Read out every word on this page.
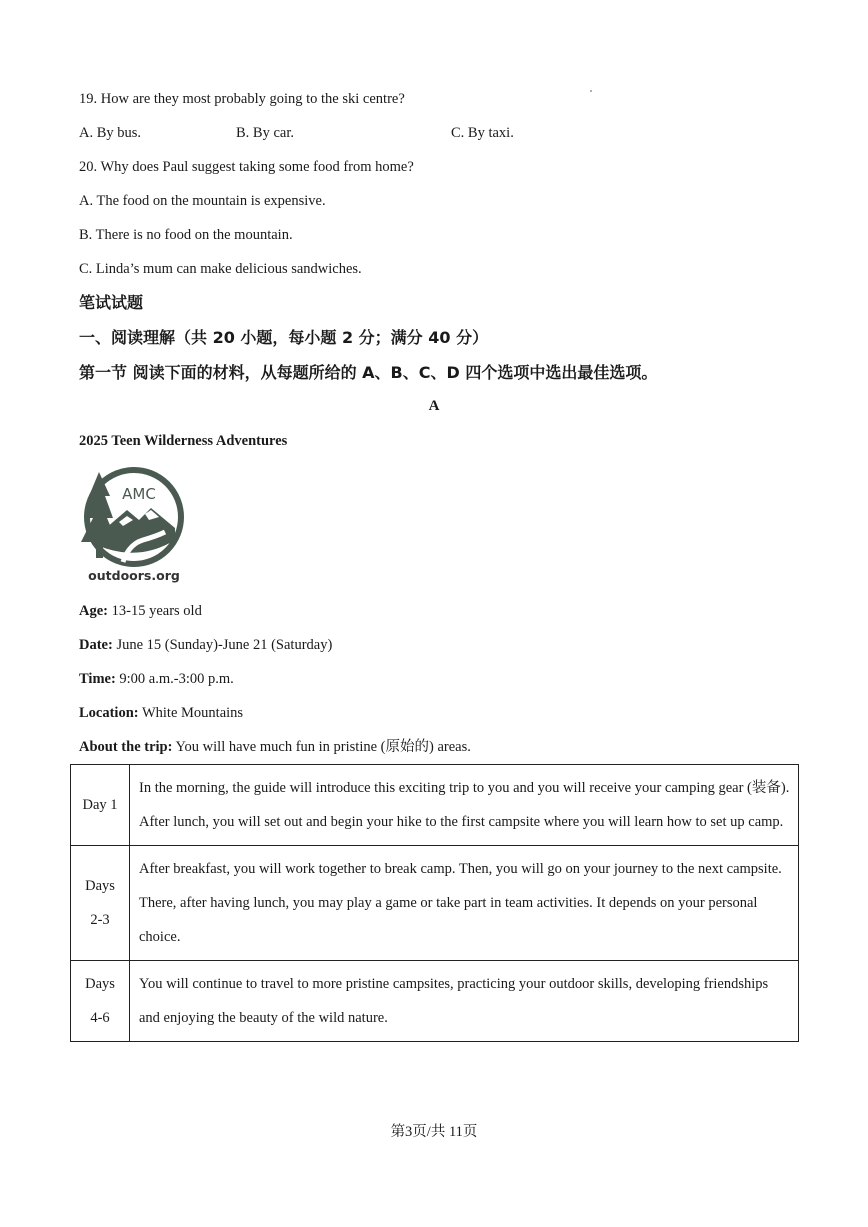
19. How are they most probably going to the ski centre?
A. By bus.	B. By car.	C. By taxi.
20. Why does Paul suggest taking some food from home?
A. The food on the mountain is expensive.
B. There is no food on the mountain.
C. Linda’s mum can make delicious sandwiches.
笔试试题
一、阅读理解（共 20 小题，每小题 2 分；满分 40 分）
第一节 阅读下面的材料，从每题所给的 A、B、C、D 四个选项中选出最佳选项。
A
2025 Teen Wilderness Adventures
AMC
outdoors.org
Age: 13-15 years old
Date: June 15 (Sunday)-June 21 (Saturday)
Time: 9:00 a.m.-3:00 p.m.
Location: White Mountains
About the trip: You will have much fun in pristine (原始的) areas.
Day 1	In the morning, the guide will introduce this exciting trip to you and you will receive your camping gear (装备). After lunch, you will set out and begin your hike to the first campsite where you will learn how to set up camp.
Days
2-3	After breakfast, you will work together to break camp. Then, you will go on your journey to the next campsite. There, after having lunch, you may play a game or take part in team activities. It depends on your personal choice.
Days
4-6	You will continue to travel to more pristine campsites, practicing your outdoor skills, developing friendships and enjoying the beauty of the wild nature.
第3页/共 11页
